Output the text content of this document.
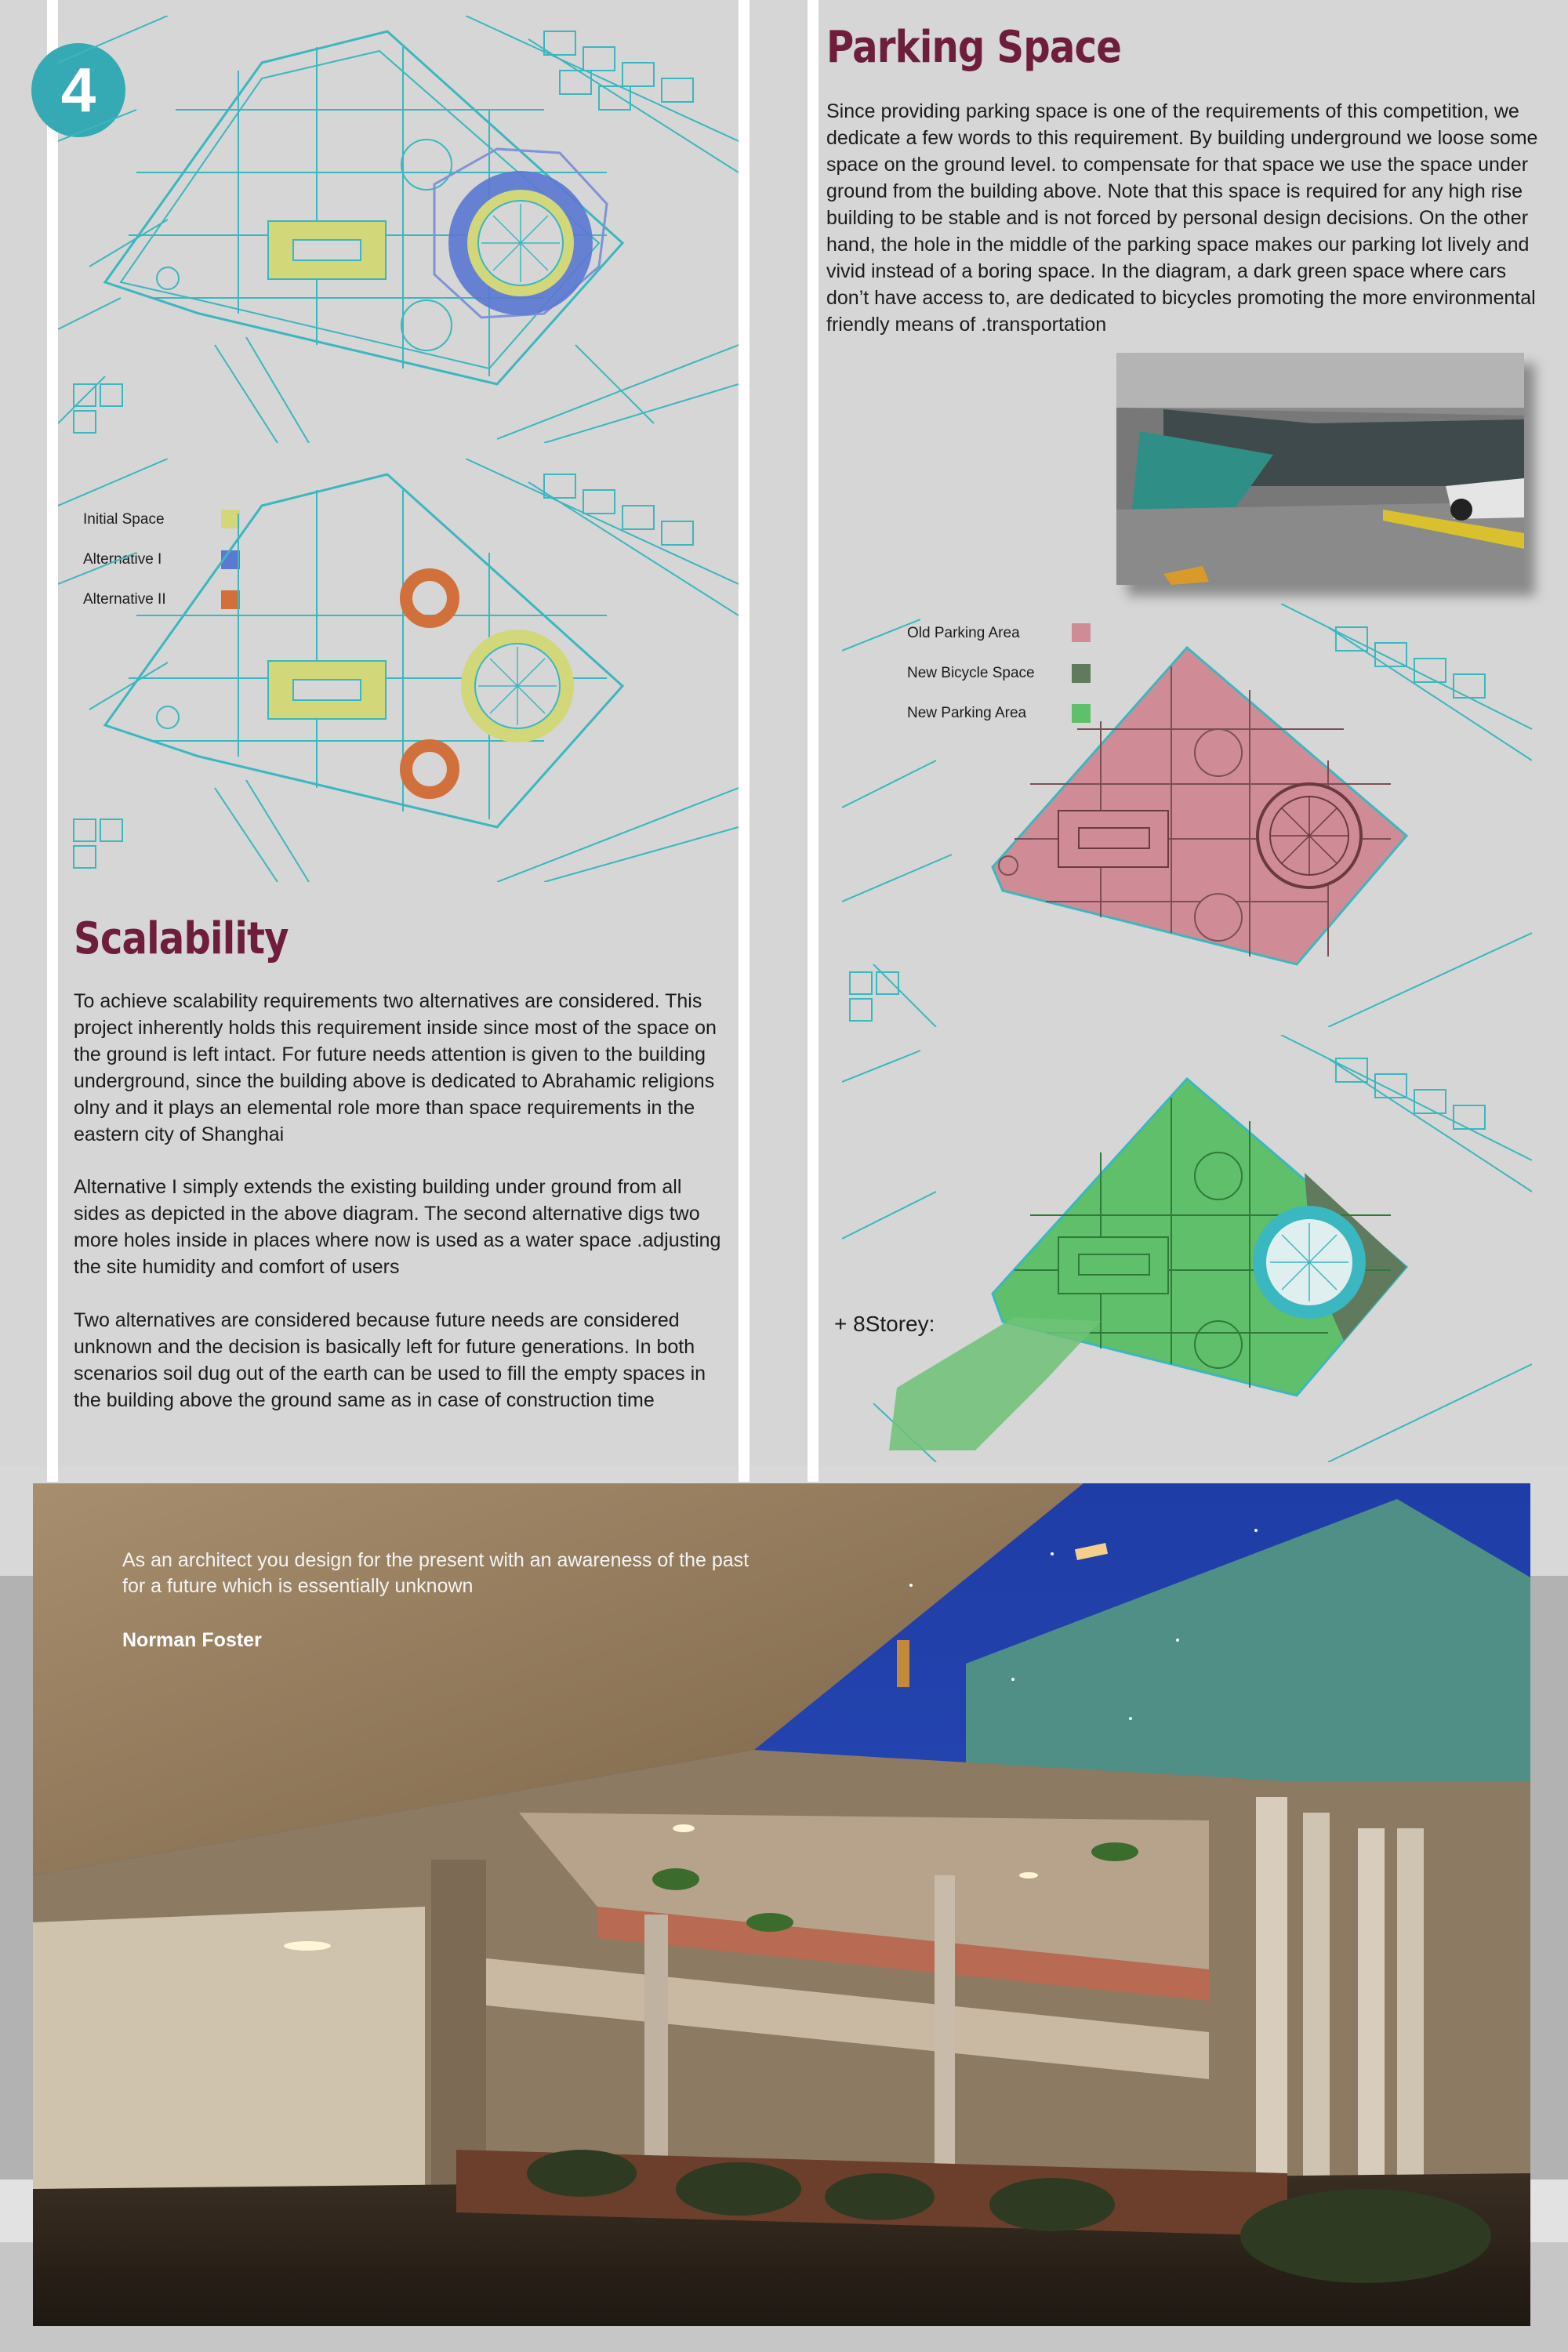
4
Initial Space
Alternative I
Alternative II
Scalability

To achieve scalability requirements two alternatives are considered. This project inherently holds this requirement inside since most of the space on the ground is left intact. For future needs attention is given to the building underground, since the building above is dedicated to Abrahamic religions olny and it plays an elemental role more than space requirements in the eastern city of Shanghai

Alternative I simply extends the existing building under ground from all sides as depicted in the above diagram. The second alternative digs two more holes inside in places where now is used as a water space .adjusting the site humidity and comfort of users

Two alternatives are considered because future needs are considered unknown and the decision is basically left for future generations. In both scenarios soil dug out of the earth can be used to fill the empty spaces in the building above the ground same as in case of construction time

Parking Space

Since providing parking space is one of the requirements of this competition, we dedicate a few words to this requirement. By building underground we loose some space on the ground level. to compensate for that space we use the space under ground from the building above. Note that this space is required for any high rise building to be stable and is not forced by personal design decisions. On the other hand, the hole in the middle of the parking space makes our parking lot lively and vivid instead of a boring space. In the diagram, a dark green space where cars don’t have access to, are dedicated to bicycles promoting the more environmental friendly means of .transportation

Old Parking Area
New Bicycle Space
New Parking Area
+ 8Storey:
As an architect you design for the present with an awareness of the past for a future which is essentially unknown
Norman Foster
